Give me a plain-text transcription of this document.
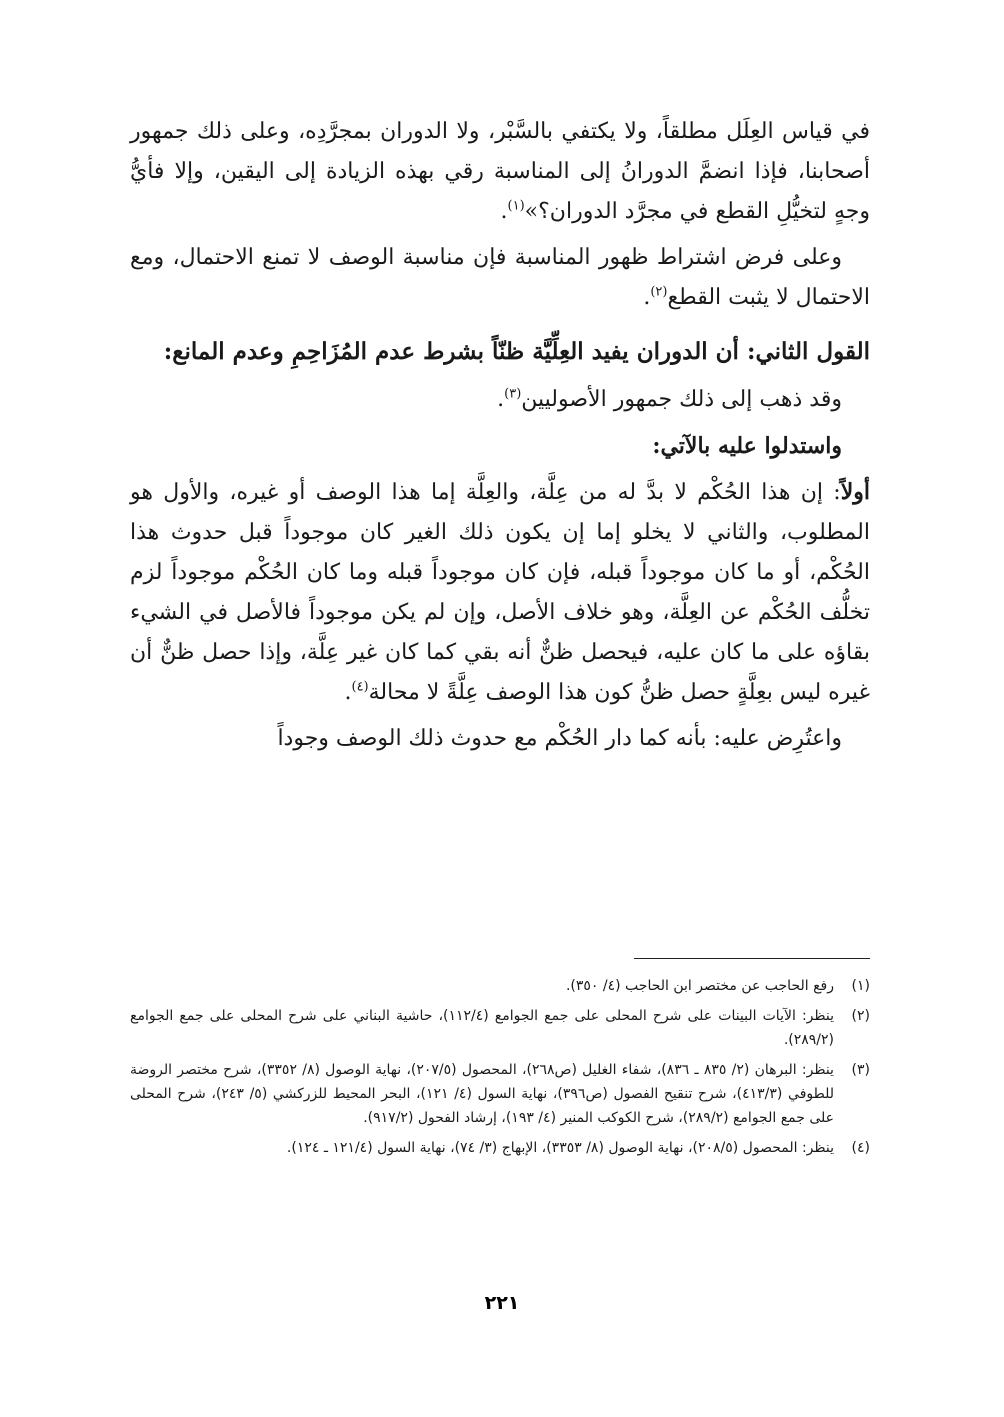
في قياس العِلَل مطلقاً، ولا يكتفي بالسَّبْر، ولا الدوران بمجرَّدِه، وعلى ذلك جمهور أصحابنا، فإذا انضمَّ الدورانُ إلى المناسبة رقي بهذه الزيادة إلى اليقين، وإلا فأيُّ وجهٍ لتخيُّلِ القطع في مجرَّد الدوران؟»$^{(١)}$.

وعلى فرض اشتراط ظهور المناسبة فإن مناسبة الوصف لا تمنع الاحتمال، ومع الاحتمال لا يثبت القطع$^{(٢)}$.

القول الثاني: أن الدوران يفيد العِلِّيَّة ظنّاً بشرط عدم المُزَاحِمِ وعدم المانع:

وقد ذهب إلى ذلك جمهور الأصوليين$^{(٣)}$.

واستدلوا عليه بالآتي:

أولاً: إن هذا الحُكْم لا بدَّ له من عِلَّة، والعِلَّة إما هذا الوصف أو غيره، والأول هو المطلوب، والثاني لا يخلو إما إن يكون ذلك الغير كان موجوداً قبل حدوث هذا الحُكْم، أو ما كان موجوداً قبله، فإن كان موجوداً قبله وما كان الحُكْم موجوداً لزم تخلُّف الحُكْم عن العِلَّة، وهو خلاف الأصل، وإن لم يكن موجوداً فالأصل في الشيء بقاؤه على ما كان عليه، فيحصل ظنٌّ أنه بقي كما كان غير عِلَّة، وإذا حصل ظنٌّ أن غيره ليس بعِلَّةٍ حصل ظنُّ كون هذا الوصف عِلَّةً لا محالة$^{(٤)}$.

واعتُرِض عليه: بأنه كما دار الحُكْم مع حدوث ذلك الوصف وجوداً

(١)
رفع الحاجب عن مختصر ابن الحاجب (٤/ ٣٥٠).
(٢)
ينظر: الآيات البينات على شرح المحلى على جمع الجوامع (١١٢/٤)، حاشية البناني على شرح المحلى على جمع الجوامع (٢٨٩/٢).
(٣)
ينظر: البرهان (٢/ ٨٣٥ ـ ٨٣٦)، شفاء الغليل (ص٢٦٨)، المحصول (٢٠٧/٥)، نهاية الوصول (٨/ ٣٣٥٢)، شرح مختصر الروضة للطوفي (٤١٣/٣)، شرح تنقيح الفصول (ص٣٩٦)، نهاية السول (٤/ ١٢١)، البحر المحيط للزركشي (٥/ ٢٤٣)، شرح المحلى على جمع الجوامع (٢٨٩/٢)، شرح الكوكب المنير (٤/ ١٩٣)، إرشاد الفحول (٩١٧/٢).
(٤)
ينظر: المحصول (٢٠٨/٥)، نهاية الوصول (٨/ ٣٣٥٣)، الإبهاج (٣/ ٧٤)، نهاية السول (١٢١/٤ ـ ١٢٤).
٢٢١
